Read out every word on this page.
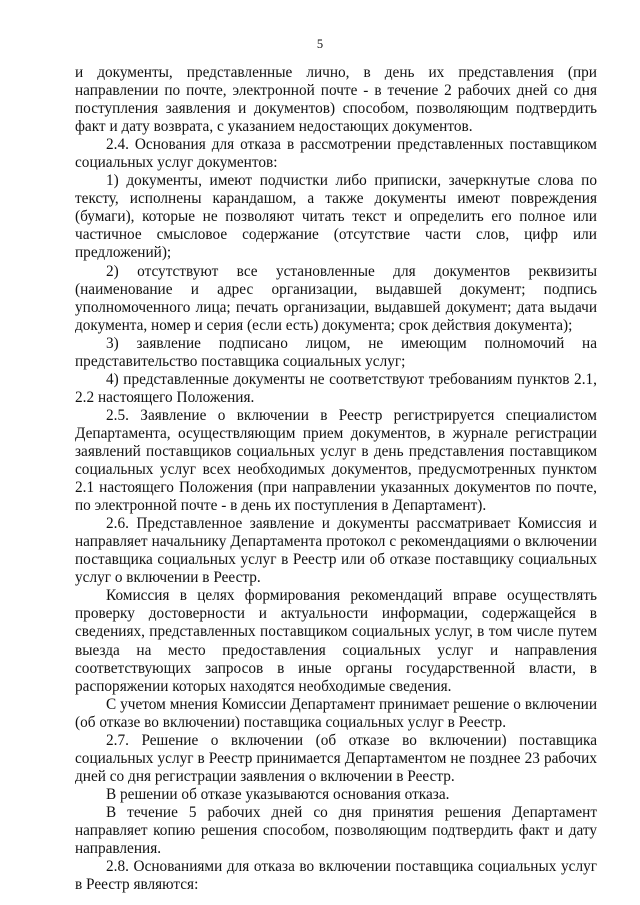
5

и документы, представленные лично, в день их представления (при направлении по почте, электронной почте - в течение 2 рабочих дней со дня поступления заявления и документов) способом, позволяющим подтвердить факт и дату возврата, с указанием недостающих документов.

2.4. Основания для отказа в рассмотрении представленных поставщиком социальных услуг документов:

1) документы, имеют подчистки либо приписки, зачеркнутые слова по тексту, исполнены карандашом, а также документы имеют повреждения (бумаги), которые не позволяют читать текст и определить его полное или частичное смысловое содержание (отсутствие части слов, цифр или предложений);

2) отсутствуют все установленные для документов реквизиты (наименование и адрес организации, выдавшей документ; подпись уполномоченного лица; печать организации, выдавшей документ; дата выдачи документа, номер и серия (если есть) документа; срок действия документа);

3) заявление подписано лицом, не имеющим полномочий на представительство поставщика социальных услуг;

4) представленные документы не соответствуют требованиям пунктов 2.1, 2.2 настоящего Положения.

2.5. Заявление о включении в Реестр регистрируется специалистом Департамента, осуществляющим прием документов, в журнале регистрации заявлений поставщиков социальных услуг в день представления поставщиком социальных услуг всех необходимых документов, предусмотренных пунктом 2.1 настоящего Положения (при направлении указанных документов по почте, по электронной почте - в день их поступления в Департамент).

2.6. Представленное заявление и документы рассматривает Комиссия и направляет начальнику Департамента протокол с рекомендациями о включении поставщика социальных услуг в Реестр или об отказе поставщику социальных услуг о включении в Реестр.

Комиссия в целях формирования рекомендаций вправе осуществлять проверку достоверности и актуальности информации, содержащейся в сведениях, представленных поставщиком социальных услуг, в том числе путем выезда на место предоставления социальных услуг и направления соответствующих запросов в иные органы государственной власти, в распоряжении которых находятся необходимые сведения.

С учетом мнения Комиссии Департамент принимает решение о включении (об отказе во включении) поставщика социальных услуг в Реестр.

2.7. Решение о включении (об отказе во включении) поставщика социальных услуг в Реестр принимается Департаментом не позднее 23 рабочих дней со дня регистрации заявления о включении в Реестр.

В решении об отказе указываются основания отказа.

В течение 5 рабочих дней со дня принятия решения Департамент направляет копию решения способом, позволяющим подтвердить факт и дату направления.

2.8. Основаниями для отказа во включении поставщика социальных услуг в Реестр являются:
